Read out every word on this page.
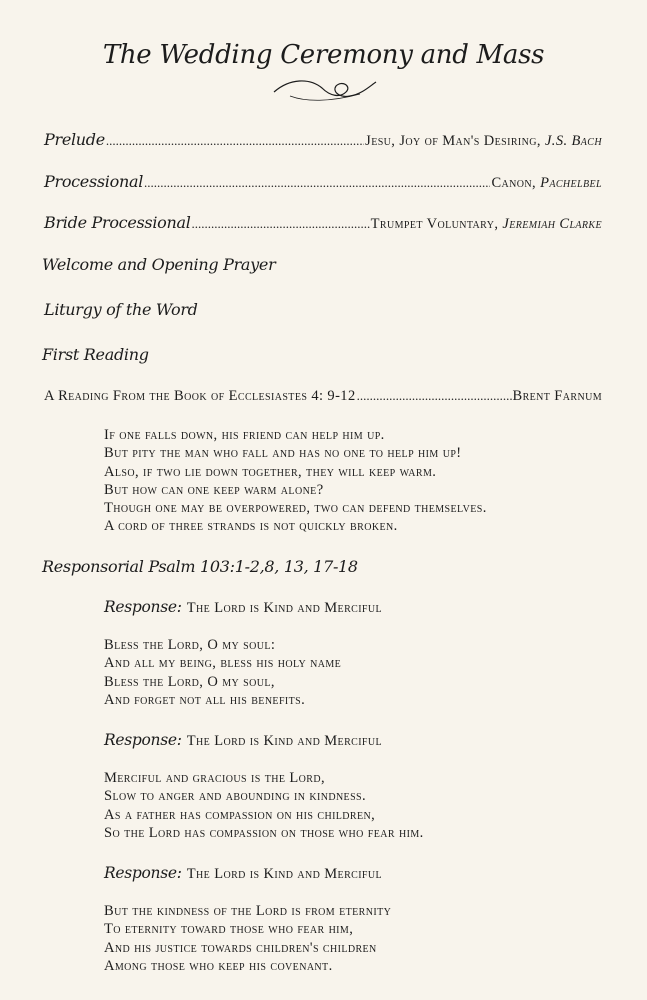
The Wedding Ceremony and Mass
Prelude .....	Jesu, Joy of Man's Desiring, J.S. Bach
Processional .....	Canon, Pachelbel
Bride Processional .....	Trumpet Voluntary, Jeremiah Clarke
Welcome and Opening Prayer
Liturgy of the Word
First Reading
A Reading From the Book of Ecclesiastes 4: 9-12 .....	Brent Farnum
If one falls down, his friend can help him up.
But pity the man who fall and has no one to help him up!
Also, if two lie down together, they will keep warm.
But how can one keep warm alone?
Though one may be overpowered, two can defend themselves.
A cord of three strands is not quickly broken.
Responsorial Psalm 103:1-2,8, 13, 17-18
Response: The Lord is Kind and Merciful
Bless the Lord, O my soul:
And all my being, bless his holy name
Bless the Lord, O my soul,
And forget not all his benefits.
Response: The Lord is Kind and Merciful
Merciful and gracious is the Lord,
Slow to anger and abounding in kindness.
As a father has compassion on his children,
So the Lord has compassion on those who fear him.
Response: The Lord is Kind and Merciful
But the kindness of the Lord is from eternity
To eternity toward those who fear him,
And his justice towards children's children
Among those who keep his covenant.
